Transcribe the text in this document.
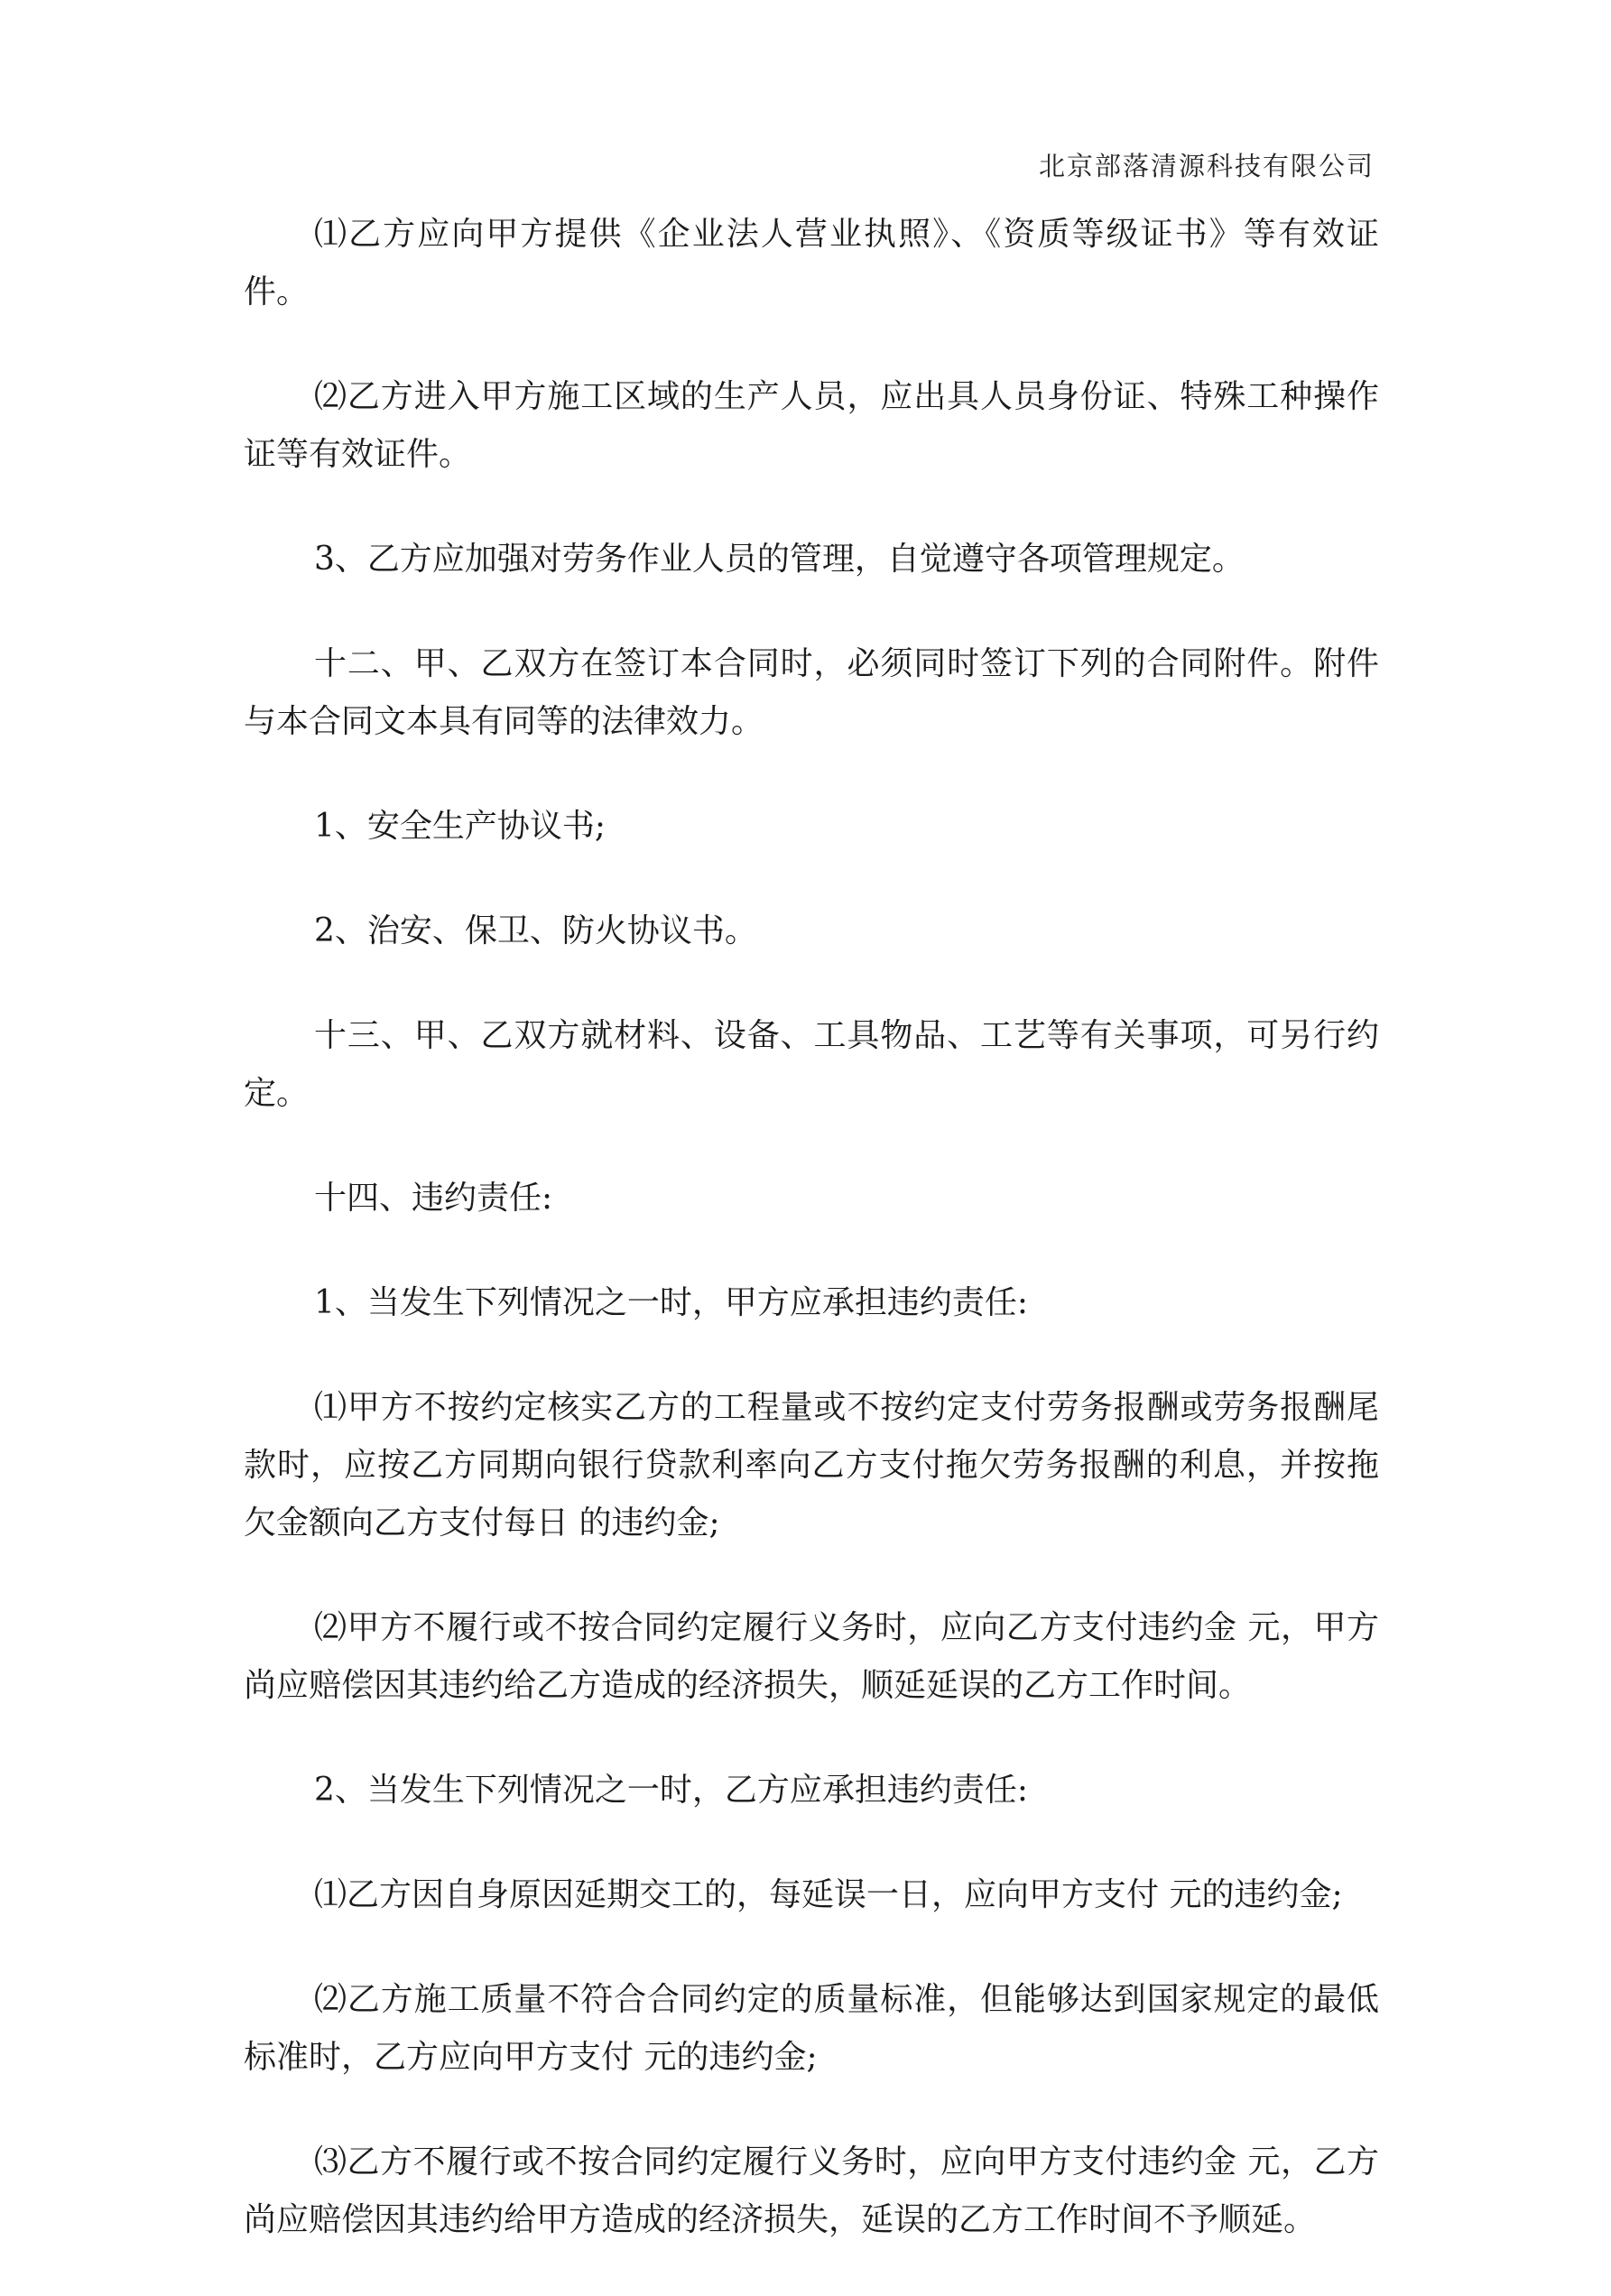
北京部落清源科技有限公司

⑴乙方应向甲方提供《企业法人营业执照》、《资质等级证书》等有效证件。

⑵乙方进入甲方施工区域的生产人员，应出具人员身份证、特殊工种操作证等有效证件。

3、乙方应加强对劳务作业人员的管理，自觉遵守各项管理规定。

十二、甲、乙双方在签订本合同时，必须同时签订下列的合同附件。附件与本合同文本具有同等的法律效力。

1、安全生产协议书;

2、治安、保卫、防火协议书。

十三、甲、乙双方就材料、设备、工具物品、工艺等有关事项，可另行约定。

十四、违约责任:

1、当发生下列情况之一时，甲方应承担违约责任:

⑴甲方不按约定核实乙方的工程量或不按约定支付劳务报酬或劳务报酬尾款时，应按乙方同期向银行贷款利率向乙方支付拖欠劳务报酬的利息，并按拖欠金额向乙方支付每日 的违约金;

⑵甲方不履行或不按合同约定履行义务时，应向乙方支付违约金 元，甲方尚应赔偿因其违约给乙方造成的经济损失，顺延延误的乙方工作时间。

2、当发生下列情况之一时，乙方应承担违约责任:

⑴乙方因自身原因延期交工的，每延误一日，应向甲方支付 元的违约金;

⑵乙方施工质量不符合合同约定的质量标准，但能够达到国家规定的最低标准时，乙方应向甲方支付 元的违约金;

⑶乙方不履行或不按合同约定履行义务时，应向甲方支付违约金 元，乙方尚应赔偿因其违约给甲方造成的经济损失，延误的乙方工作时间不予顺延。
